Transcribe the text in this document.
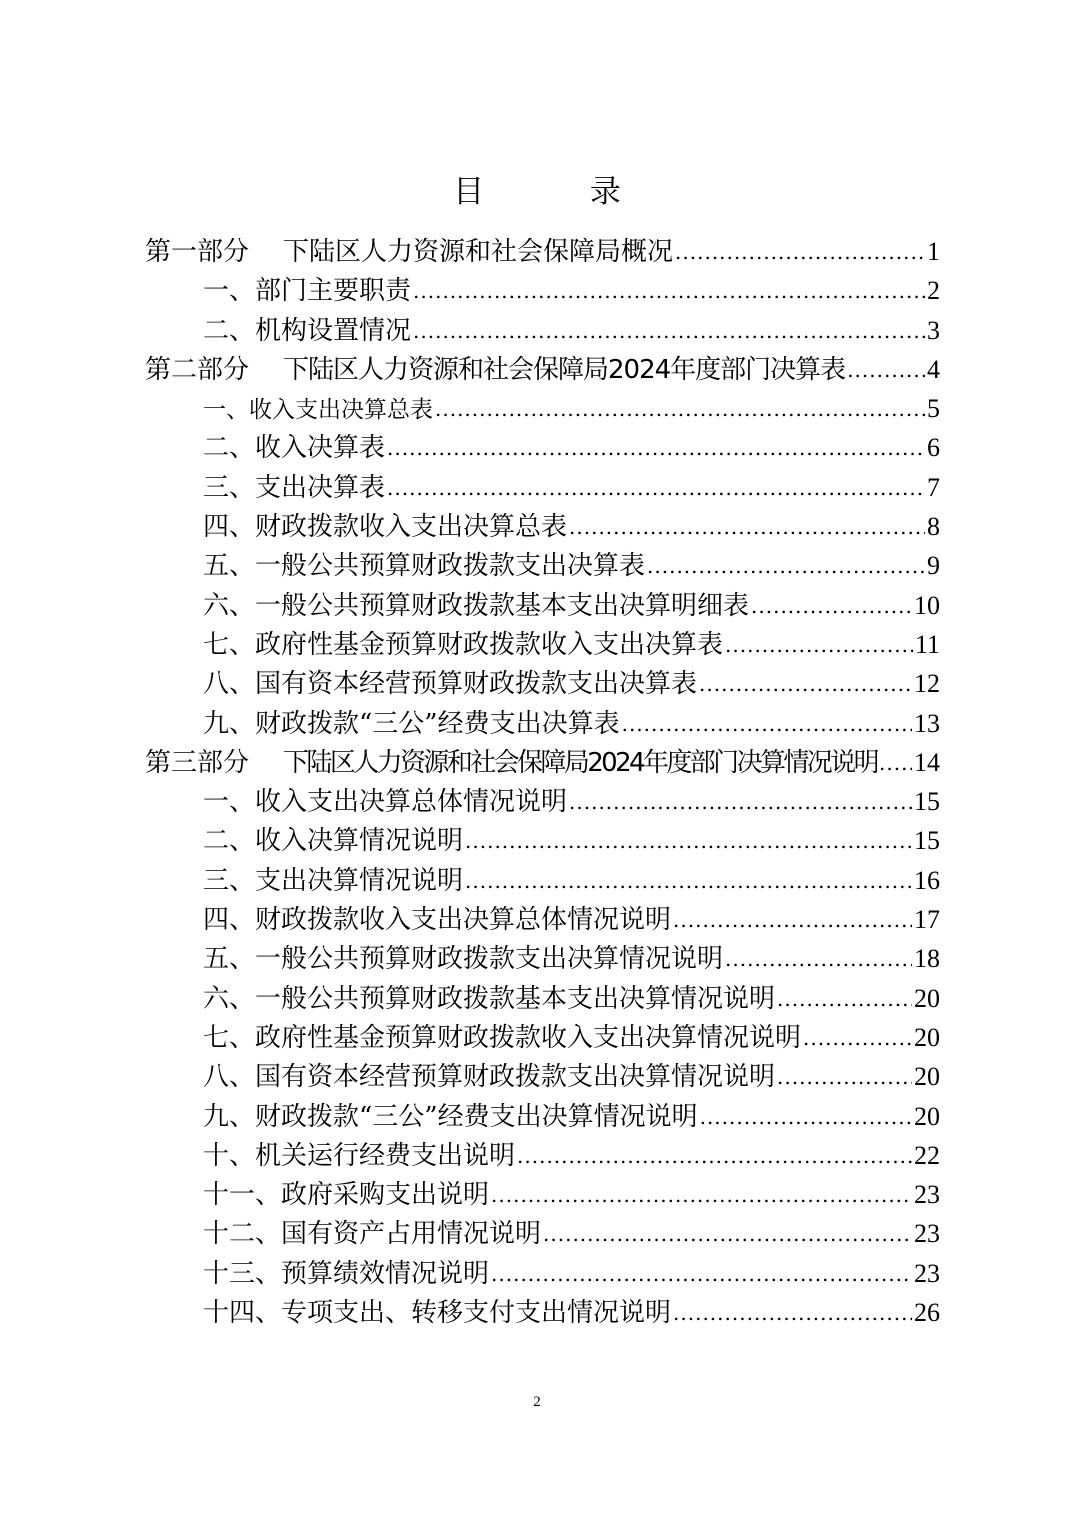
目 录
第一部分 下陆区人力资源和社会保障局概况 .....	1
一、部门主要职责 .....	2
二、机构设置情况 .....	3
第二部分 下陆区人力资源和社会保障局2024年度部门决算表 .....	4
一、收入支出决算总表 .....	5
二、收入决算表 .....	6
三、支出决算表 .....	7
四、财政拨款收入支出决算总表 .....	8
五、一般公共预算财政拨款支出决算表 .....	9
六、一般公共预算财政拨款基本支出决算明细表 .....	10
七、政府性基金预算财政拨款收入支出决算表 .....	11
八、国有资本经营预算财政拨款支出决算表 .....	12
九、财政拨款“三公”经费支出决算表 .....	13
第三部分 下陆区人力资源和社会保障局2024年度部门决算情况说明 ..... 14
一、收入支出决算总体情况说明 .....	15
二、收入决算情况说明 .....	15
三、支出决算情况说明 .....	16
四、财政拨款收入支出决算总体情况说明 .....	17
五、一般公共预算财政拨款支出决算情况说明 .....	18
六、一般公共预算财政拨款基本支出决算情况说明 .....	20
七、政府性基金预算财政拨款收入支出决算情况说明 .....	20
八、国有资本经营预算财政拨款支出决算情况说明 .....	20
九、财政拨款“三公”经费支出决算情况说明 .....	20
十、机关运行经费支出说明 .....	22
十一、政府采购支出说明 .....	23
十二、国有资产占用情况说明 .....	23
十三、预算绩效情况说明 .....	23
十四、专项支出、转移支付支出情况说明 .....	26
2
